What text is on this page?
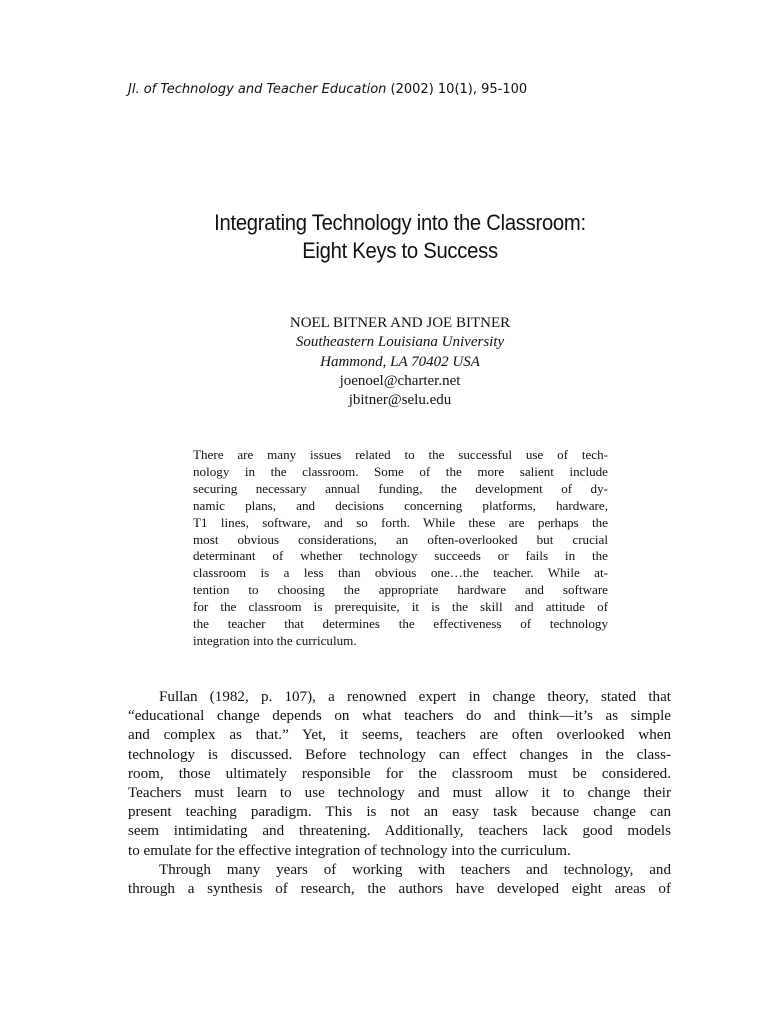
Jl. of Technology and Teacher Education (2002) 10(1), 95-100
Integrating Technology into the Classroom:
Eight Keys to Success
NOEL BITNER AND JOE BITNER
Southeastern Louisiana University
Hammond, LA 70402 USA
joenoel@charter.net
jbitner@selu.edu
There are many issues related to the successful use of tech-
nology in the classroom. Some of the more salient include
securing necessary annual funding, the development of dy-
namic plans, and decisions concerning platforms, hardware,
T1 lines, software, and so forth. While these are perhaps the
most obvious considerations, an often-overlooked but crucial
determinant of whether technology succeeds or fails in the
classroom is a less than obvious one…the teacher. While at-
tention to choosing the appropriate hardware and software
for the classroom is prerequisite, it is the skill and attitude of
the teacher that determines the effectiveness of technology
integration into the curriculum.
Fullan (1982, p. 107), a renowned expert in change theory, stated that
“educational change depends on what teachers do and think—it’s as simple
and complex as that.” Yet, it seems, teachers are often overlooked when
technology is discussed. Before technology can effect changes in the class-
room, those ultimately responsible for the classroom must be considered.
Teachers must learn to use technology and must allow it to change their
present teaching paradigm. This is not an easy task because change can
seem intimidating and threatening. Additionally, teachers lack good models
to emulate for the effective integration of technology into the curriculum.
Through many years of working with teachers and technology, and
through a synthesis of research, the authors have developed eight areas of
